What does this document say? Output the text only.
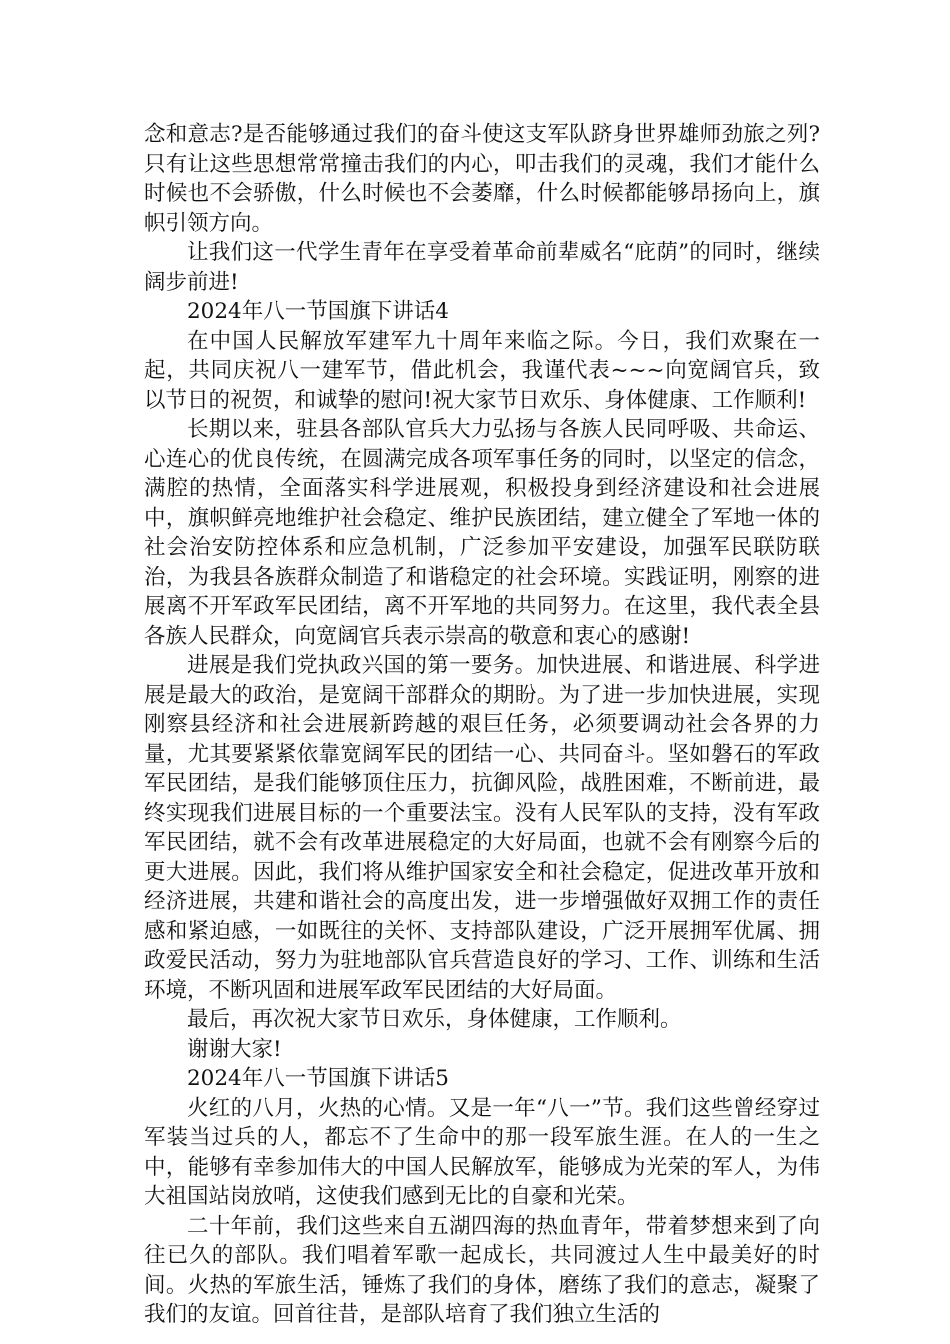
念和意志?是否能够通过我们的奋斗使这支军队跻身世界雄师劲旅之列?只有让这些思想常常撞击我们的内心，叩击我们的灵魂，我们才能什么时候也不会骄傲，什么时候也不会萎靡，什么时候都能够昂扬向上，旗帜引领方向。

让我们这一代学生青年在享受着革命前辈威名“庇荫”的同时，继续阔步前进!

2024年八一节国旗下讲话4

在中国人民解放军建军九十周年来临之际。今日，我们欢聚在一起，共同庆祝八一建军节，借此机会，我谨代表~~~向宽阔官兵，致以节日的祝贺，和诚挚的慰问!祝大家节日欢乐、身体健康、工作顺利!

长期以来，驻县各部队官兵大力弘扬与各族人民同呼吸、共命运、心连心的优良传统，在圆满完成各项军事任务的同时，以坚定的信念，满腔的热情，全面落实科学进展观，积极投身到经济建设和社会进展中，旗帜鲜亮地维护社会稳定、维护民族团结，建立健全了军地一体的社会治安防控体系和应急机制，广泛参加平安建设，加强军民联防联治，为我县各族群众制造了和谐稳定的社会环境。实践证明，刚察的进展离不开军政军民团结，离不开军地的共同努力。在这里，我代表全县各族人民群众，向宽阔官兵表示崇高的敬意和衷心的感谢!

进展是我们党执政兴国的第一要务。加快进展、和谐进展、科学进展是最大的政治，是宽阔干部群众的期盼。为了进一步加快进展，实现刚察县经济和社会进展新跨越的艰巨任务，必须要调动社会各界的力量，尤其要紧紧依靠宽阔军民的团结一心、共同奋斗。坚如磐石的军政军民团结，是我们能够顶住压力，抗御风险，战胜困难，不断前进，最终实现我们进展目标的一个重要法宝。没有人民军队的支持，没有军政军民团结，就不会有改革进展稳定的大好局面，也就不会有刚察今后的更大进展。因此，我们将从维护国家安全和社会稳定，促进改革开放和经济进展，共建和谐社会的高度出发，进一步增强做好双拥工作的责任感和紧迫感，一如既往的关怀、支持部队建设，广泛开展拥军优属、拥政爱民活动，努力为驻地部队官兵营造良好的学习、工作、训练和生活环境，不断巩固和进展军政军民团结的大好局面。

最后，再次祝大家节日欢乐，身体健康，工作顺利。

谢谢大家!

2024年八一节国旗下讲话5

火红的八月，火热的心情。又是一年“八一”节。我们这些曾经穿过军装当过兵的人，都忘不了生命中的那一段军旅生涯。在人的一生之中，能够有幸参加伟大的中国人民解放军，能够成为光荣的军人，为伟大祖国站岗放哨，这使我们感到无比的自豪和光荣。

二十年前，我们这些来自五湖四海的热血青年，带着梦想来到了向往已久的部队。我们唱着军歌一起成长，共同渡过人生中最美好的时间。火热的军旅生活，锤炼了我们的身体，磨练了我们的意志，凝聚了我们的友谊。回首往昔，是部队培育了我们独立生活的
